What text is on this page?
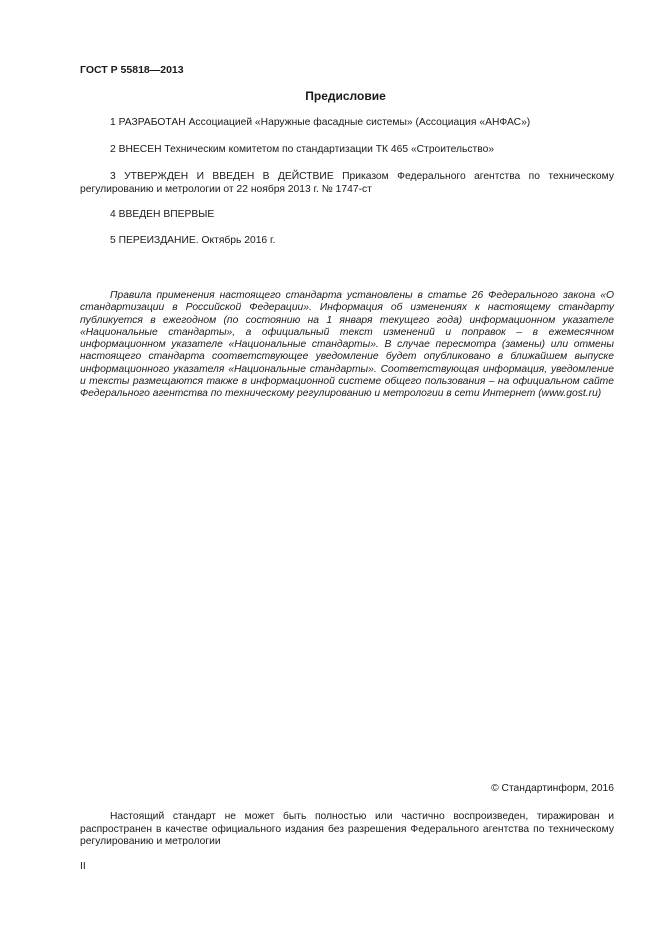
ГОСТ Р 55818—2013
Предисловие
1 РАЗРАБОТАН Ассоциацией «Наружные фасадные системы» (Ассоциация «АНФАС»)
2 ВНЕСЕН Техническим комитетом по стандартизации ТК 465 «Строительство»
3 УТВЕРЖДЕН И ВВЕДЕН В ДЕЙСТВИЕ Приказом Федерального агентства по техническому регулированию и метрологии от 22 ноября 2013 г. № 1747-ст
4 ВВЕДЕН ВПЕРВЫЕ
5 ПЕРЕИЗДАНИЕ. Октябрь 2016 г.
Правила применения настоящего стандарта установлены в статье 26 Федерального закона «О стандартизации в Российской Федерации». Информация об изменениях к настоящему стандарту публикуется в ежегодном (по состоянию на 1 января текущего года) информационном указателе «Национальные стандарты», а официальный текст изменений и поправок – в ежемесячном информационном указателе «Национальные стандарты». В случае пересмотра (замены) или отмены настоящего стандарта соответствующее уведомление будет опубликовано в ближайшем выпуске информационного указателя «Национальные стандарты». Соответствующая информация, уведомление и тексты размещаются также в информационной системе общего пользования – на официальном сайте Федерального агентства по техническому регулированию и метрологии в сети Интернет (www.gost.ru)
© Стандартинформ, 2016
Настоящий стандарт не может быть полностью или частично воспроизведен, тиражирован и распространен в качестве официального издания без разрешения Федерального агентства по техническому регулированию и метрологии
II
